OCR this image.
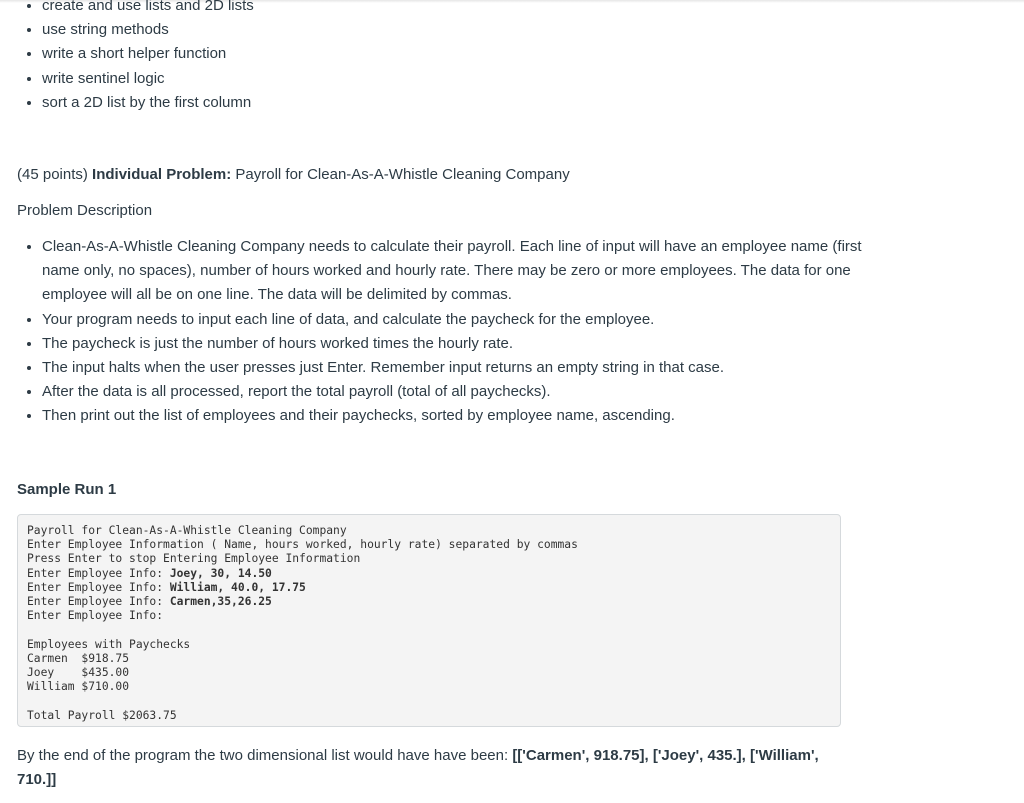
• create and use lists and 2D lists
• use string methods
• write a short helper function
• write sentinel logic
• sort a 2D list by the first column

(45 points) Individual Problem: Payroll for Clean-As-A-Whistle Cleaning Company

Problem Description

• Clean-As-A-Whistle Cleaning Company needs to calculate their payroll. Each line of input will have an employee name (first name only, no spaces), number of hours worked and hourly rate. There may be zero or more employees. The data for one employee will all be on one line. The data will be delimited by commas.
• Your program needs to input each line of data, and calculate the paycheck for the employee.
• The paycheck is just the number of hours worked times the hourly rate.
• The input halts when the user presses just Enter. Remember input returns an empty string in that case.
• After the data is all processed, report the total payroll (total of all paychecks).
• Then print out the list of employees and their paychecks, sorted by employee name, ascending.

Sample Run 1

Payroll for Clean-As-A-Whistle Cleaning Company
Enter Employee Information ( Name, hours worked, hourly rate) separated by commas
Press Enter to stop Entering Employee Information
Enter Employee Info: Joey, 30, 14.50
Enter Employee Info: William, 40.0, 17.75
Enter Employee Info: Carmen,35,26.25
Enter Employee Info:

Employees with Paychecks
Carmen  $918.75
Joey    $435.00
William $710.00

Total Payroll $2063.75

By the end of the program the two dimensional list would have have been: [['Carmen', 918.75], ['Joey', 435.], ['William', 710.]]
